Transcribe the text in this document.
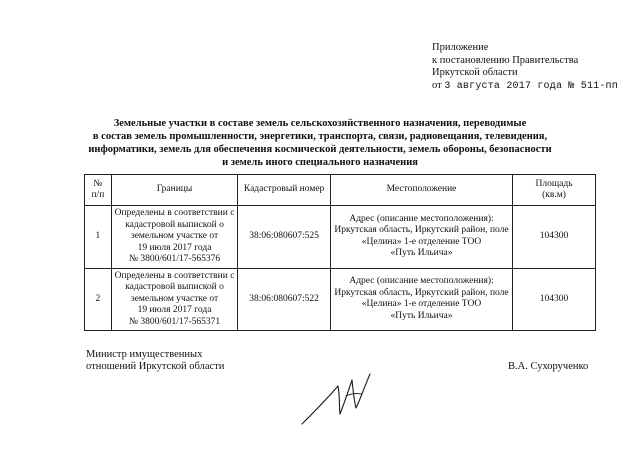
Приложение
к постановлению Правительства
Иркутской области
от 3 августа 2017 года № 511-пп
Земельные участки в составе земель сельскохозяйственного назначения, переводимые
в состав земель промышленности, энергетики, транспорта, связи, радиовещания, телевидения,
информатики, земель для обеспечения космической деятельности, земель обороны, безопасности
и земель иного специального назначения
№
п/п	Границы	Кадастровый номер	Местоположение	Площадь
(кв.м)

1	Определены в соответствии с
кадастровой выпиской о
земельном участке от
19 июля 2017 года
№ 3800/601/17-565376	38:06:080607:525	Адрес (описание местоположения):
Иркутская область, Иркутский район, поле
«Целина» 1-е отделение ТОО
«Путь Ильича»	104300
2	Определены в соответствии с
кадастровой выпиской о
земельном участке от
19 июля 2017 года
№ 3800/601/17-565371	38:06:080607:522	Адрес (описание местоположения):
Иркутская область, Иркутский район, поле
«Целина» 1-е отделение ТОО
«Путь Ильича»	104300
Министр имущественных
отношений Иркутской области	В.А. Сухорученко
